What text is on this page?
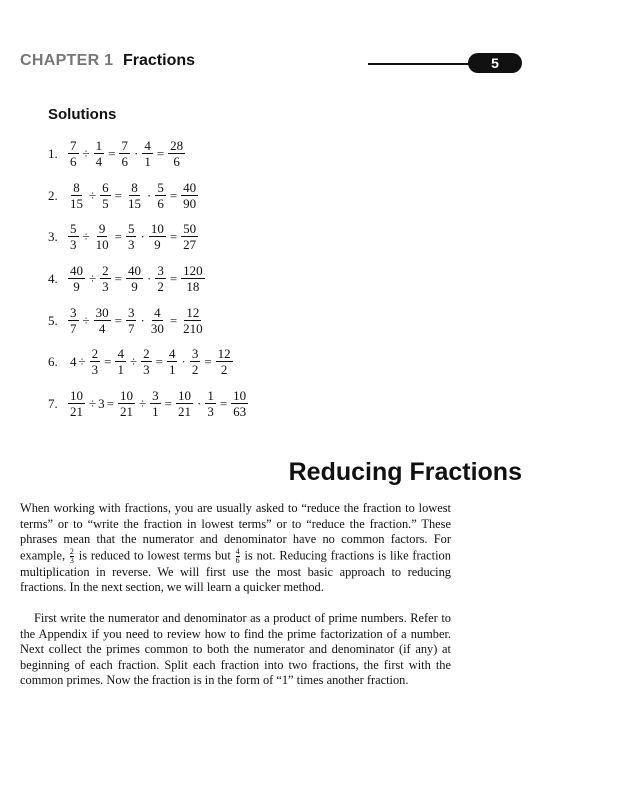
CHAPTER 1 Fractions	5
Solutions
1. $\frac{7}{6} \div \frac{1}{4} = \frac{7}{6} \cdot \frac{4}{1} = \frac{28}{6}$
2. $\frac{8}{15} \div \frac{6}{5} = \frac{8}{15} \cdot \frac{5}{6} = \frac{40}{90}$
3. $\frac{5}{3} \div \frac{9}{10} = \frac{5}{3} \cdot \frac{10}{9} = \frac{50}{27}$
4. $\frac{40}{9} \div \frac{2}{3} = \frac{40}{9} \cdot \frac{3}{2} = \frac{120}{18}$
5. $\frac{3}{7} \div \frac{30}{4} = \frac{3}{7} \cdot \frac{4}{30} = \frac{12}{210}$
6. $4 \div \frac{2}{3} = \frac{4}{1} \div \frac{2}{3} = \frac{4}{1} \cdot \frac{3}{2} = \frac{12}{2}$
7. $\frac{10}{21} \div 3 = \frac{10}{21} \div \frac{3}{1} = \frac{10}{21} \cdot \frac{1}{3} = \frac{10}{63}$
Reducing Fractions

When working with fractions, you are usually asked to “reduce the fraction to lowest terms” or to “write the fraction in lowest terms” or to “reduce the fraction.” These phrases mean that the numerator and denominator have no common factors. For example, $\frac{2}{3}$ is reduced to lowest terms but $\frac{4}{6}$ is not. Reducing fractions is like fraction multiplication in reverse. We will first use the most basic approach to reducing fractions. In the next section, we will learn a quicker method.

First write the numerator and denominator as a product of prime numbers. Refer to the Appendix if you need to review how to find the prime factorization of a number. Next collect the primes common to both the numerator and denominator (if any) at beginning of each fraction. Split each fraction into two fractions, the first with the common primes. Now the fraction is in the form of “1” times another fraction.
